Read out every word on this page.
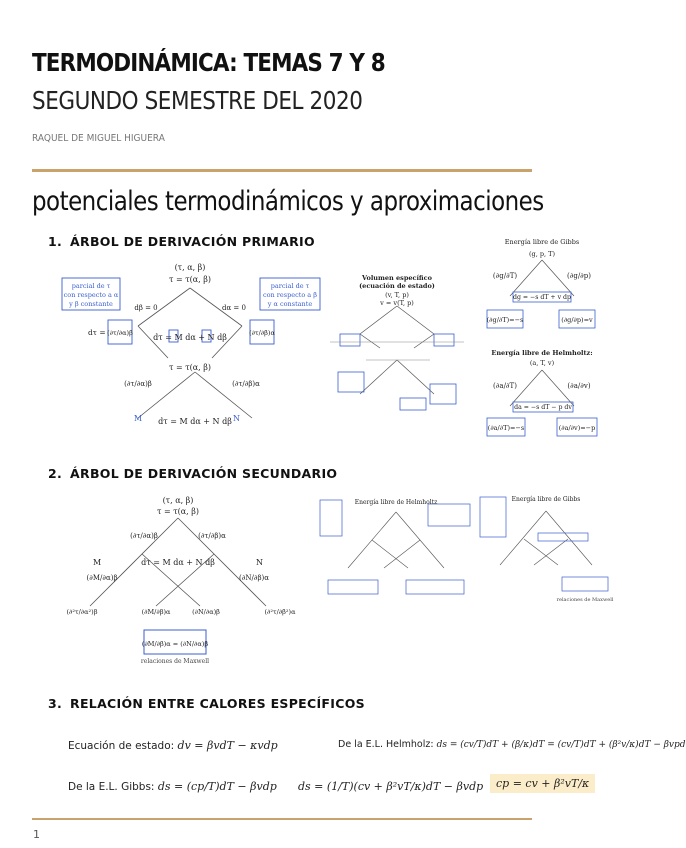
TERMODINÁMICA: TEMAS 7 Y 8
SEGUNDO SEMESTRE DEL 2020
RAQUEL DE MIGUEL HIGUERA
potenciales termodinámicos y aproximaciones
1. ÁRBOL DE DERIVACIÓN PRIMARIO
(τ, α, β)
τ = τ(α, β)
parcial de τ
con respecto a α
y β constante
parcial de τ
con respecto a β
y α constante
dβ = 0	dα = 0
dτ = (∂τ/∂α)β	(∂τ/∂β)α
dτ = M dα + N dβ
τ = τ(α, β)
(∂τ/∂α)β	(∂τ/∂β)α
M	N
dτ = M dα + N dβ
Volumen específico
(ecuación de estado)
(v, T, p)
v = v(T, p)
Energía libre de Gibbs
(g, p, T)
dg = −s dT + v dp
(∂g/∂T)	(∂g/∂p)
(∂g/∂T)=−s	(∂g/∂p)=v
Energía libre de Helmholtz:
(a, T, v)
da = −s dT − p dv
(∂a/∂T)	(∂a/∂v)
(∂a/∂T)=−s	(∂a/∂v)=−p
2. ÁRBOL DE DERIVACIÓN SECUNDARIO
(τ, α, β)
τ = τ(α, β)
(∂τ/∂α)β	(∂τ/∂β)α
M	dτ = M dα + N dβ	N
(∂M/∂α)β	(∂N/∂β)α
(∂²τ/∂α²)β	(∂M/∂β)α	(∂N/∂α)β	(∂²τ/∂β²)α
(∂M/∂β)α = (∂N/∂α)β
relaciones de Maxwell
Energía libre de Helmholtz	Energía libre de Gibbs
relaciones de Maxwell
3. RELACIÓN ENTRE CALORES ESPECÍFICOS
Ecuación de estado: dv = βvdT − κvdp	De la E.L. Helmholz: ds = (cv/T)dT + (β/κ)dT = (cv/T)dT + (β²v/κ)dT − βvpd
De la E.L. Gibbs: ds = (cp/T)dT − βvdp ds = (1/T)(cv + β²vT/κ)dT − βvdp	cp = cv + β²vT/κ
1
